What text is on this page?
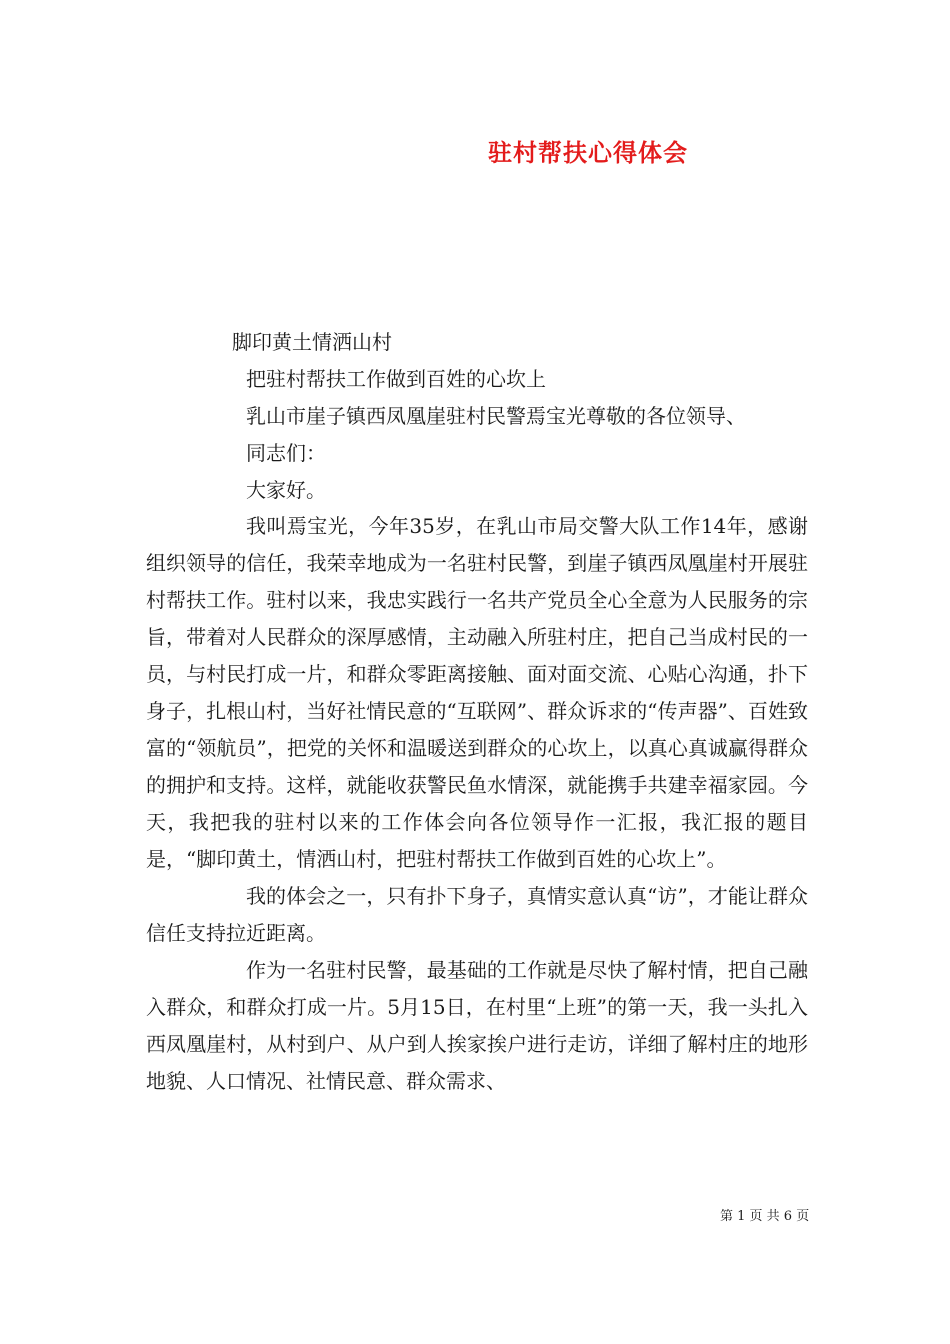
驻村帮扶心得体会
脚印黄土情洒山村
把驻村帮扶工作做到百姓的心坎上
乳山市崖子镇西凤凰崖驻村民警焉宝光尊敬的各位领导、
同志们：
大家好。

我叫焉宝光，今年35岁，在乳山市局交警大队工作14年，感谢组织领导的信任，我荣幸地成为一名驻村民警，到崖子镇西凤凰崖村开展驻村帮扶工作。驻村以来，我忠实践行一名共产党员全心全意为人民服务的宗旨，带着对人民群众的深厚感情，主动融入所驻村庄，把自己当成村民的一员，与村民打成一片，和群众零距离接触、面对面交流、心贴心沟通，扑下身子，扎根山村，当好社情民意的“互联网”、群众诉求的“传声器”、百姓致富的“领航员”，把党的关怀和温暖送到群众的心坎上，以真心真诚赢得群众的拥护和支持。这样，就能收获警民鱼水情深，就能携手共建幸福家园。今天，我把我的驻村以来的工作体会向各位领导作一汇报，我汇报的题目是，“脚印黄土，情洒山村，把驻村帮扶工作做到百姓的心坎上”。

我的体会之一，只有扑下身子，真情实意认真“访”，才能让群众信任支持拉近距离。

作为一名驻村民警，最基础的工作就是尽快了解村情，把自己融入群众，和群众打成一片。5月15日，在村里“上班”的第一天，我一头扎入西凤凰崖村，从村到户、从户到人挨家挨户进行走访，详细了解村庄的地形地貌、人口情况、社情民意、群众需求、

第 1 页 共 6 页
